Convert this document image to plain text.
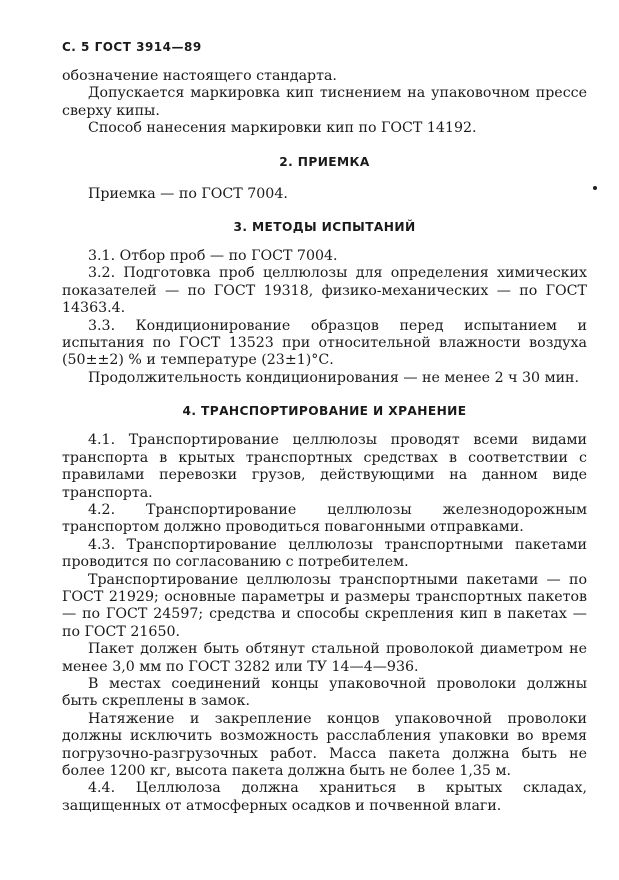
С. 5 ГОСТ 3914—89

обозначение настоящего стандарта.

Допускается маркировка кип тиснением на упаковочном прессе сверху кипы.

Способ нанесения маркировки кип по ГОСТ 14192.

2. ПРИЕМКА

Приемка — по ГОСТ 7004.

3. МЕТОДЫ ИСПЫТАНИЙ

3.1. Отбор проб — по ГОСТ 7004.

3.2. Подготовка проб целлюлозы для определения химических показателей — по ГОСТ 19318, физико-механических — по ГОСТ 14363.4.

3.3. Кондиционирование образцов перед испытанием и испытания по ГОСТ 13523 при относительной влажности воздуха (50±±2) % и температуре (23±1)°С.

Продолжительность кондиционирования — не менее 2 ч 30 мин.

4. ТРАНСПОРТИРОВАНИЕ И ХРАНЕНИЕ

4.1. Транспортирование целлюлозы проводят всеми видами транспорта в крытых транспортных средствах в соответствии с правилами перевозки грузов, действующими на данном виде транспорта.

4.2. Транспортирование целлюлозы железнодорожным транспортом должно проводиться повагонными отправками.

4.3. Транспортирование целлюлозы транспортными пакетами проводится по согласованию с потребителем.

Транспортирование целлюлозы транспортными пакетами — по ГОСТ 21929; основные параметры и размеры транспортных пакетов — по ГОСТ 24597; средства и способы скрепления кип в пакетах — по ГОСТ 21650.

Пакет должен быть обтянут стальной проволокой диаметром не менее 3,0 мм по ГОСТ 3282 или ТУ 14—4—936.

В местах соединений концы упаковочной проволоки должны быть скреплены в замок.

Натяжение и закрепление концов упаковочной проволоки должны исключить возможность расслабления упаковки во время погрузочно-разгрузочных работ. Масса пакета должна быть не более 1200 кг, высота пакета должна быть не более 1,35 м.

4.4. Целлюлоза должна храниться в крытых складах, защищенных от атмосферных осадков и почвенной влаги.
